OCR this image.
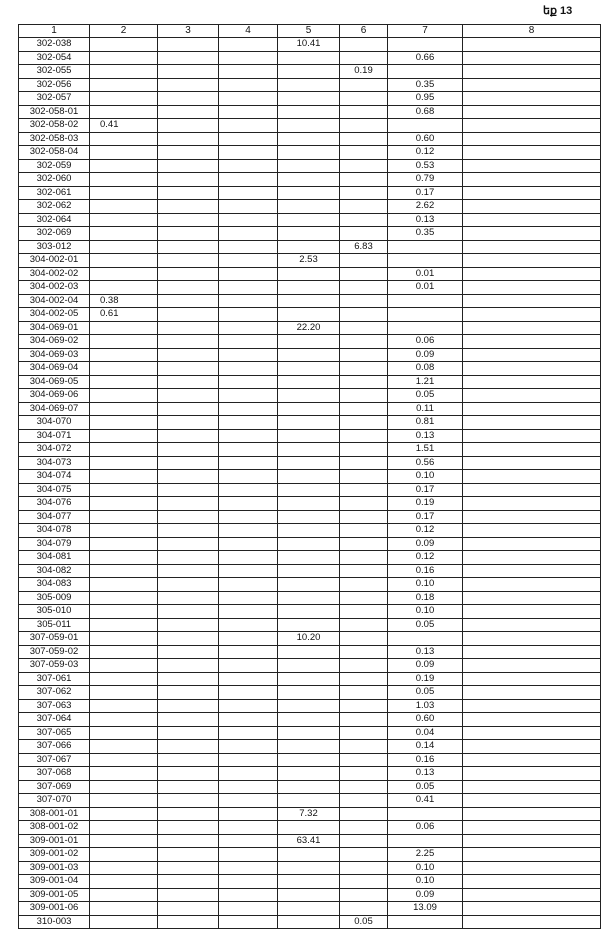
եք 13
1	2	3	4	5	6	7	8
302-038				10.41			
302-054						0.66	
302-055					0.19		
302-056						0.35	
302-057						0.95	
302-058-01						0.68	
302-058-02	0.41						
302-058-03						0.60	
302-058-04						0.12	
302-059						0.53	
302-060						0.79	
302-061						0.17	
302-062						2.62	
302-064						0.13	
302-069						0.35	
303-012					6.83		
304-002-01				2.53			
304-002-02						0.01	
304-002-03						0.01	
304-002-04	0.38						
304-002-05	0.61						
304-069-01				22.20			
304-069-02						0.06	
304-069-03						0.09	
304-069-04						0.08	
304-069-05						1.21	
304-069-06						0.05	
304-069-07						0.11	
304-070						0.81	
304-071						0.13	
304-072						1.51	
304-073						0.56	
304-074						0.10	
304-075						0.17	
304-076						0.19	
304-077						0.17	
304-078						0.12	
304-079						0.09	
304-081						0.12	
304-082						0.16	
304-083						0.10	
305-009						0.18	
305-010						0.10	
305-011						0.05	
307-059-01				10.20			
307-059-02						0.13	
307-059-03						0.09	
307-061						0.19	
307-062						0.05	
307-063						1.03	
307-064						0.60	
307-065						0.04	
307-066						0.14	
307-067						0.16	
307-068						0.13	
307-069						0.05	
307-070						0.41	
308-001-01				7.32			
308-001-02						0.06	
309-001-01				63.41			
309-001-02						2.25	
309-001-03						0.10	
309-001-04						0.10	
309-001-05						0.09	
309-001-06						13.09	
310-003					0.05		
